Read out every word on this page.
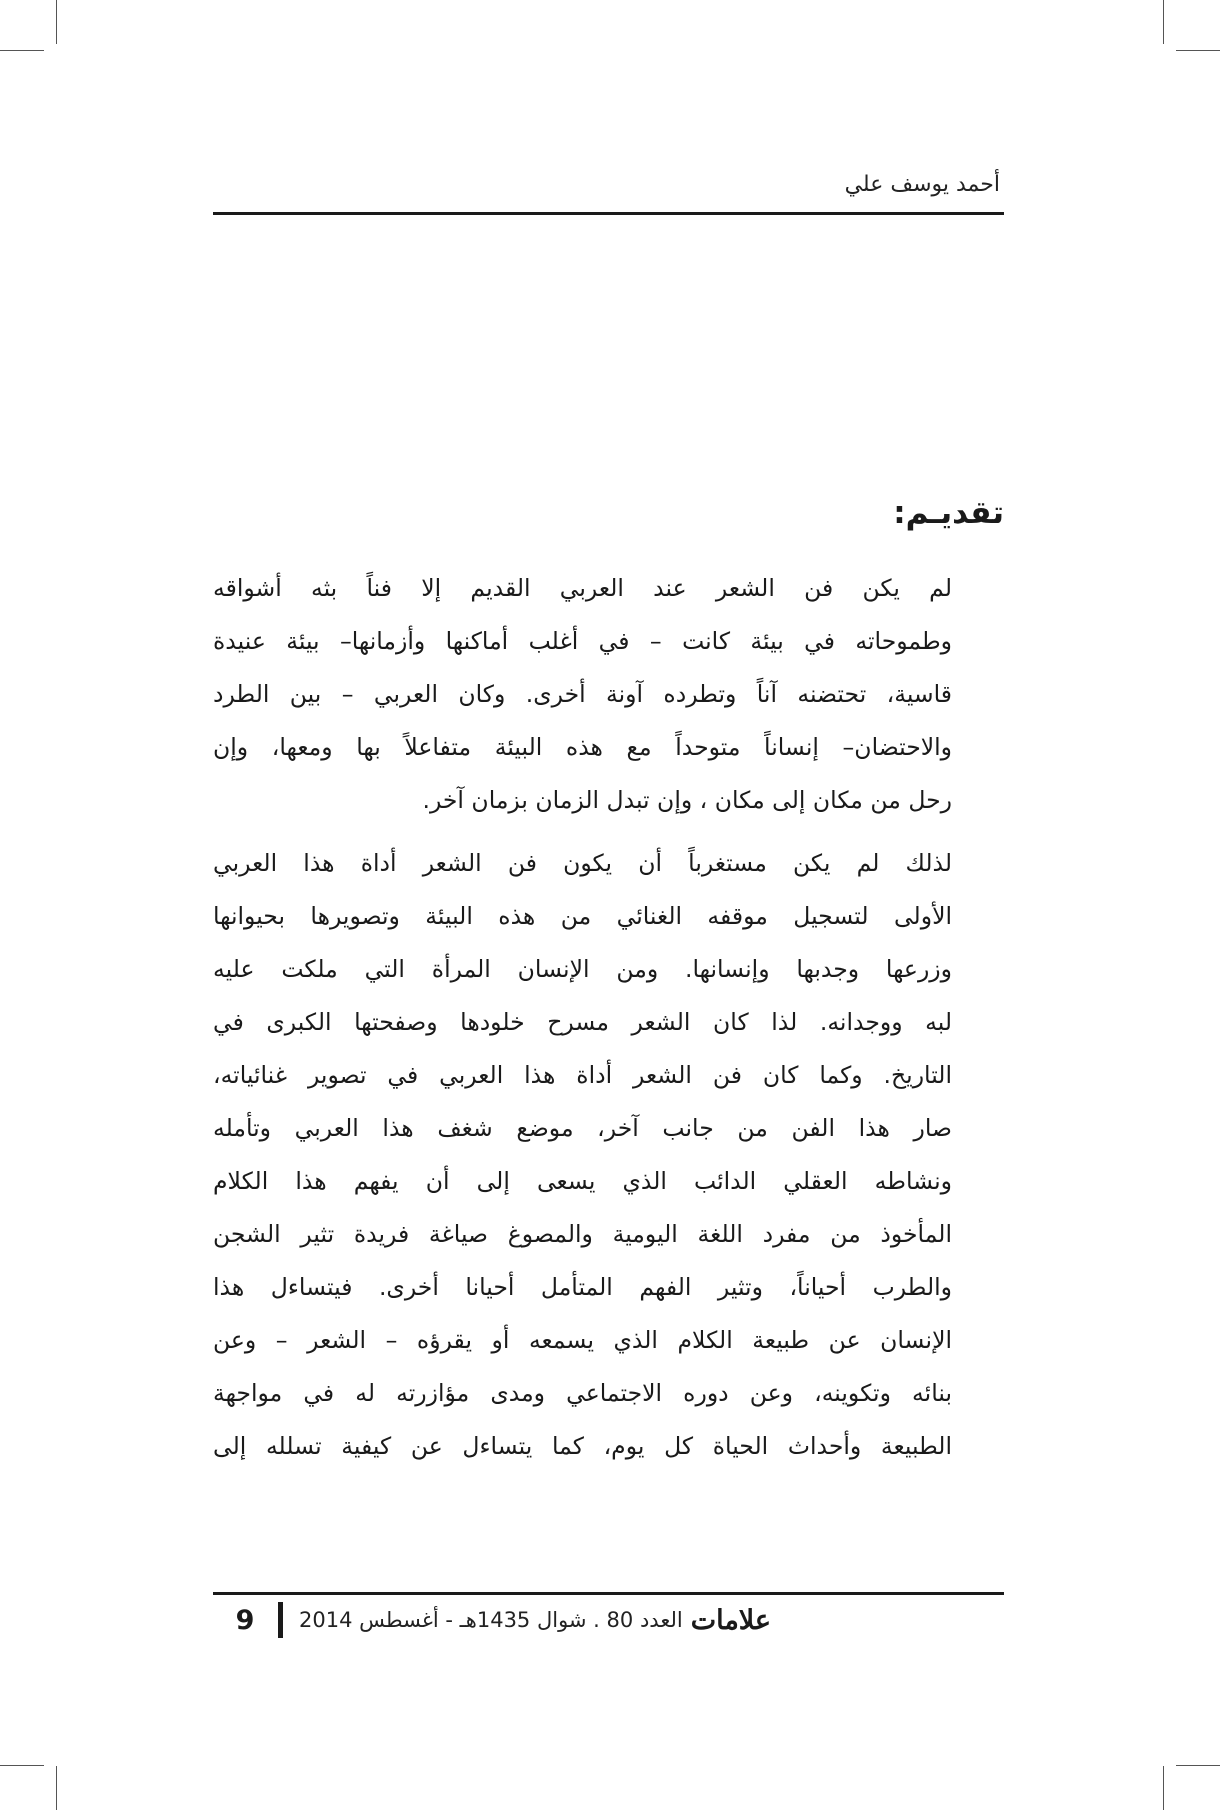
أحمد يوسف علي
تقديـم:

لم يكن فن الشعر عند العربي القديم إلا فناً بثه أشواقه
وطموحاته في بيئة كانت – في أغلب أماكنها وأزمانها– بيئة عنيدة
قاسية، تحتضنه آناً وتطرده آونة أخرى. وكان العربي – بين الطرد
والاحتضان– إنساناً متوحداً مع هذه البيئة متفاعلاً بها ومعها، وإن
رحل من مكان إلى مكان ، وإن تبدل الزمان بزمان آخر.

لذلك لم يكن مستغرباً أن يكون فن الشعر أداة هذا العربي
الأولى لتسجيل موقفه الغنائي من هذه البيئة وتصويرها بحيوانها
وزرعها وجدبها وإنسانها. ومن الإنسان المرأة التي ملكت عليه
لبه ووجدانه. لذا كان الشعر مسرح خلودها وصفحتها الكبرى في
التاريخ. وكما كان فن الشعر أداة هذا العربي في تصوير غنائياته،
صار هذا الفن من جانب آخر، موضع شغف هذا العربي وتأمله
ونشاطه العقلي الدائب الذي يسعى إلى أن يفهم هذا الكلام
المأخوذ من مفرد اللغة اليومية والمصوغ صياغة فريدة تثير الشجن
والطرب أحياناً، وتثير الفهم المتأمل أحيانا أخرى. فيتساءل هذا
الإنسان عن طبيعة الكلام الذي يسمعه أو يقرؤه – الشعر – وعن
بنائه وتكوينه، وعن دوره الاجتماعي ومدى مؤازرته له في مواجهة
الطبيعة وأحداث الحياة كل يوم، كما يتساءل عن كيفية تسلله إلى

9 العدد 80 . شوال 1435هـ - أغسطس 2014 علامات
